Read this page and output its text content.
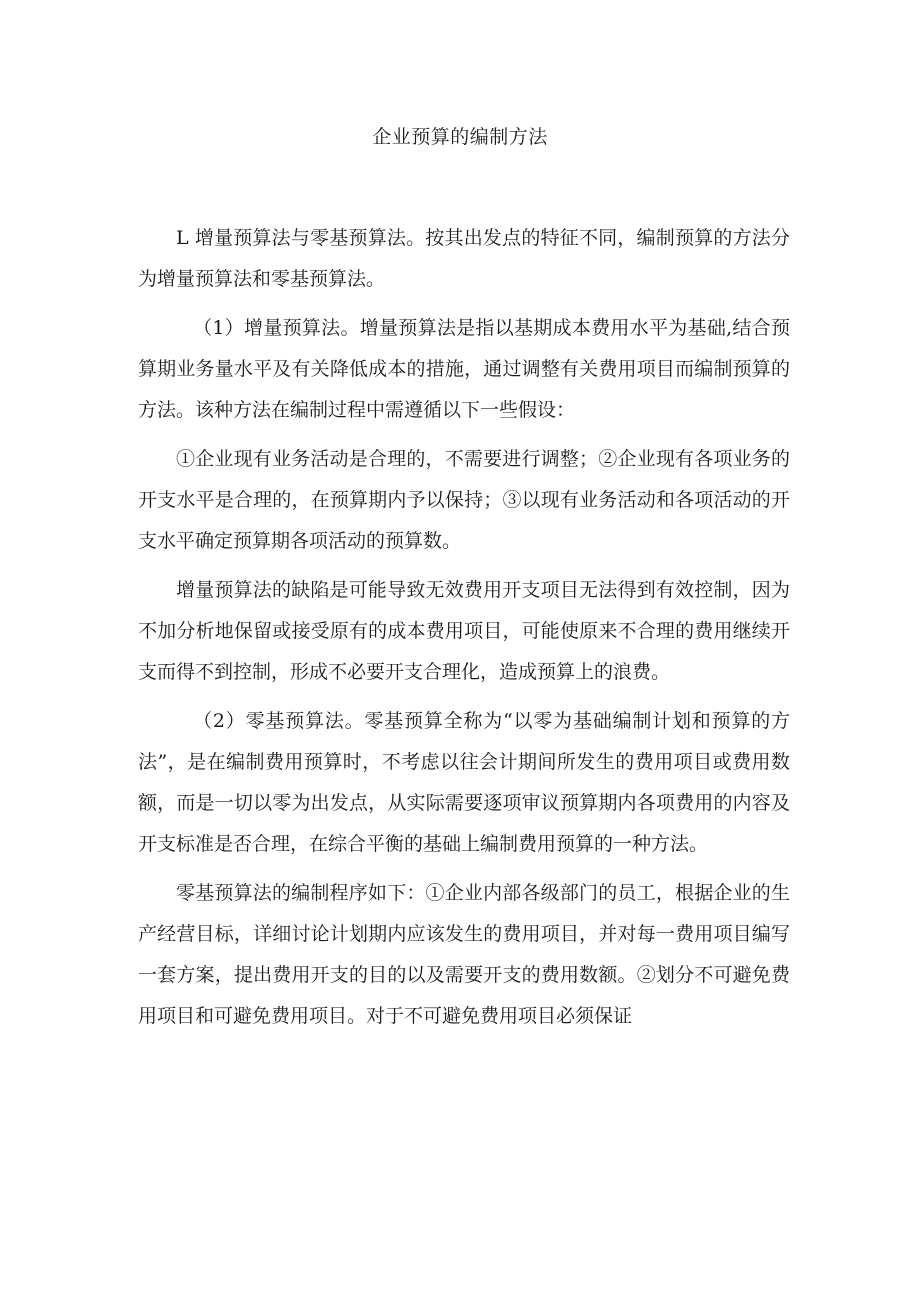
企业预算的编制方法

L 增量预算法与零基预算法。按其出发点的特征不同，编制预算的方法分为增量预算法和零基预算法。

（1）增量预算法。增量预算法是指以基期成本费用水平为基础,结合预算期业务量水平及有关降低成本的措施，通过调整有关费用项目而编制预算的方法。该种方法在编制过程中需遵循以下一些假设：

①企业现有业务活动是合理的，不需要进行调整；②企业现有各项业务的开支水平是合理的，在预算期内予以保持；③以现有业务活动和各项活动的开支水平确定预算期各项活动的预算数。

增量预算法的缺陷是可能导致无效费用开支项目无法得到有效控制，因为不加分析地保留或接受原有的成本费用项目，可能使原来不合理的费用继续开支而得不到控制，形成不必要开支合理化，造成预算上的浪费。

（2）零基预算法。零基预算全称为“以零为基础编制计划和预算的方法”，是在编制费用预算时，不考虑以往会计期间所发生的费用项目或费用数额，而是一切以零为出发点，从实际需要逐项审议预算期内各项费用的内容及开支标准是否合理，在综合平衡的基础上编制费用预算的一种方法。

零基预算法的编制程序如下：①企业内部各级部门的员工，根据企业的生产经营目标，详细讨论计划期内应该发生的费用项目，并对每一费用项目编写一套方案，提出费用开支的目的以及需要开支的费用数额。②划分不可避免费用项目和可避免费用项目。对于不可避免费用项目必须保证
